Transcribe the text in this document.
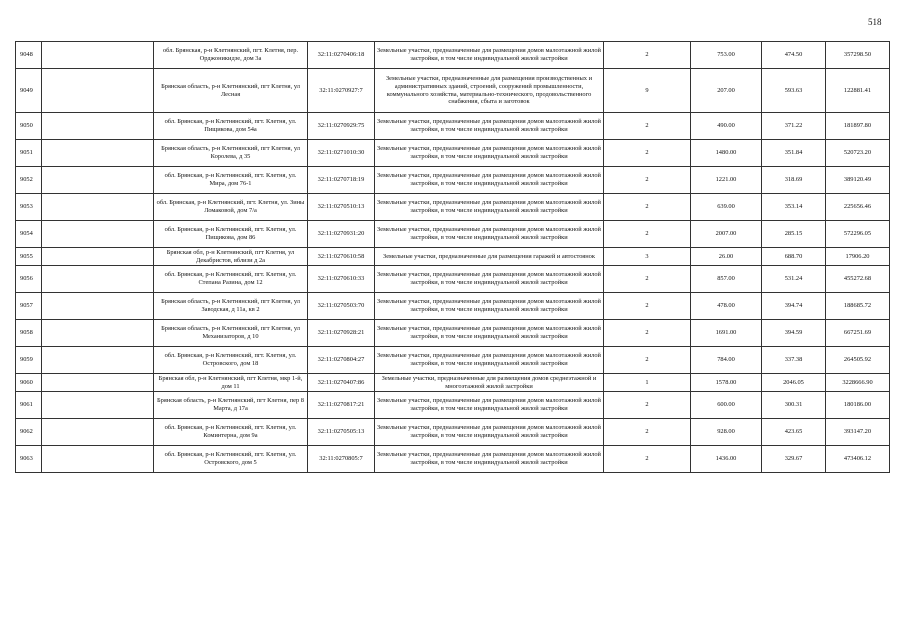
518
9048		обл. Брянская, р-н Клетнянский, пгт. Клетня, пер. Орджоникидзе, дом 3а	32:11:0270406:18	Земельные участки, предназначенные для размещения домов малоэтажной жилой застройки, в том числе индивидуальной жилой застройки	2	753.00	474.50	357298.50
9049		Брянская область, р-н Клетнянский, пгт Клетня, ул Лесная	32:11:0270927:7	Земельные участки, предназначенные для размещения производственных и административных зданий, строений, сооружений промышленности, коммунального хозяйства, материально-технического, продовольственного снабжения, сбыта и заготовок	9	207.00	593.63	122881.41
9050		обл. Брянская, р-н Клетнянский, пгт. Клетня, ул. Пищикова, дом 54а	32:11:0270929:75	Земельные участки, предназначенные для размещения домов малоэтажной жилой застройки, в том числе индивидуальной жилой застройки	2	490.00	371.22	181897.80
9051		Брянская область, р-н Клетнянский, пгт Клетня, ул Королева, д 35	32:11:0271010:30	Земельные участки, предназначенные для размещения домов малоэтажной жилой застройки, в том числе индивидуальной жилой застройки	2	1480.00	351.84	520723.20
9052		обл. Брянская, р-н Клетнянский, пгт. Клетня, ул. Мира, дом 76-1	32:11:0270718:19	Земельные участки, предназначенные для размещения домов малоэтажной жилой застройки, в том числе индивидуальной жилой застройки	2	1221.00	318.69	389120.49
9053		обл. Брянская, р-н Клетнянский, пгт. Клетня, ул. Зины Ломаковой, дом 7/а	32:11:0270510:13	Земельные участки, предназначенные для размещения домов малоэтажной жилой застройки, в том числе индивидуальной жилой застройки	2	639.00	353.14	225656.46
9054		обл. Брянская, р-н Клетнянский, пгт. Клетня, ул. Пищикова, дом 86	32:11:0270931:20	Земельные участки, предназначенные для размещения домов малоэтажной жилой застройки, в том числе индивидуальной жилой застройки	2	2007.00	285.15	572296.05
9055		Брянская обл, р-н Клетнянский, пгт Клетня, ул Декабристов, вблизи д 2а	32:11:0270610:58	Земельные участки, предназначенные для размещения гаражей и автостоянок	3	26.00	688.70	17906.20
9056		обл. Брянская, р-н Клетнянский, пгт. Клетня, ул. Степана Разина, дом 12	32:11:0270610:33	Земельные участки, предназначенные для размещения домов малоэтажной жилой застройки, в том числе индивидуальной жилой застройки	2	857.00	531.24	455272.68
9057		Брянская область, р-н Клетнянский, пгт Клетня, ул Заводская, д 11а, кв 2	32:11:0270503:70	Земельные участки, предназначенные для размещения домов малоэтажной жилой застройки, в том числе индивидуальной жилой застройки	2	478.00	394.74	188685.72
9058		Брянская область, р-н Клетнянский, пгт Клетня, ул Механизаторов, д 10	32:11:0270928:21	Земельные участки, предназначенные для размещения домов малоэтажной жилой застройки, в том числе индивидуальной жилой застройки	2	1691.00	394.59	667251.69
9059		обл. Брянская, р-н Клетнянский, пгт. Клетня, ул. Островского, дом 18	32:11:0270804:27	Земельные участки, предназначенные для размещения домов малоэтажной жилой застройки, в том числе индивидуальной жилой застройки	2	784.00	337.38	264505.92
9060		Брянская обл, р-н Клетнянский, пгт Клетня, мкр 1-й, дом 11	32:11:0270407:86	Земельные участки, предназначенные для размещения домов среднеэтажной и многоэтажной жилой застройки	1	1578.00	2046.05	3228666.90
9061		Брянская область, р-н Клетнянский, пгт Клетня, пер 8 Марта, д 17а	32:11:0270817:21	Земельные участки, предназначенные для размещения домов малоэтажной жилой застройки, в том числе индивидуальной жилой застройки	2	600.00	300.31	180186.00
9062		обл. Брянская, р-н Клетнянский, пгт. Клетня, ул. Коминтерна, дом 9а	32:11:0270505:13	Земельные участки, предназначенные для размещения домов малоэтажной жилой застройки, в том числе индивидуальной жилой застройки	2	928.00	423.65	393147.20
9063		обл. Брянская, р-н Клетнянский, пгт. Клетня, ул. Островского, дом 5	32:11:0270805:7	Земельные участки, предназначенные для размещения домов малоэтажной жилой застройки, в том числе индивидуальной жилой застройки	2	1436.00	329.67	473406.12
